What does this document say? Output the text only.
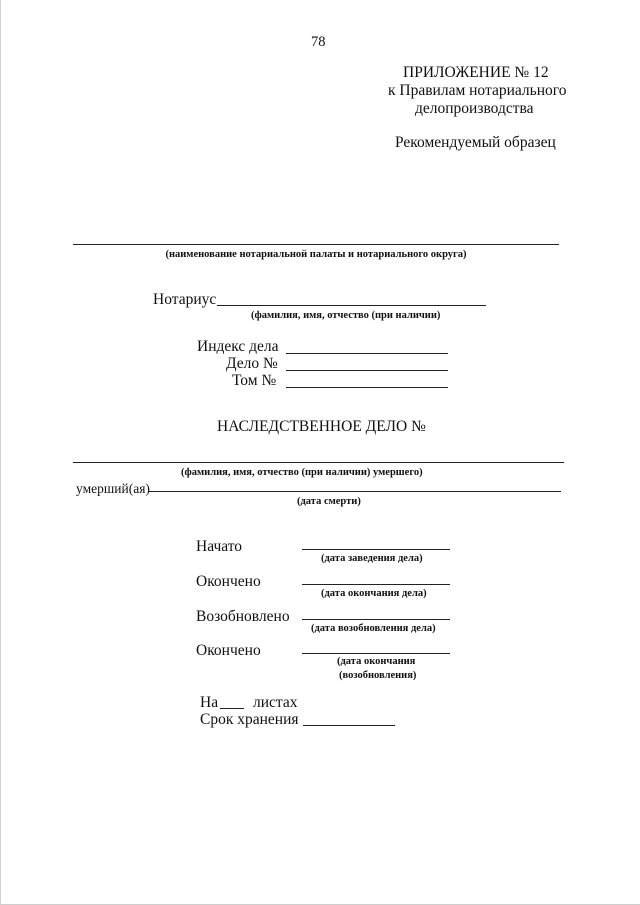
78
ПРИЛОЖЕНИЕ № 12
к Правилам нотариального
делопроизводства
Рекомендуемый образец
(наименование нотариальной палаты и нотариального округа)
Нотариус
(фамилия, имя, отчество (при наличии)
Индекс дела
Дело №
Том №
НАСЛЕДСТВЕННОЕ ДЕЛО №
(фамилия, имя, отчество (при наличии) умершего)
умерший(ая)
(дата смерти)
Начато
(дата заведения дела)
Окончено
(дата окончания дела)
Возобновлено
(дата возобновления дела)
Окончено
(дата окончания
(возобновления)
На листах
Срок хранения
